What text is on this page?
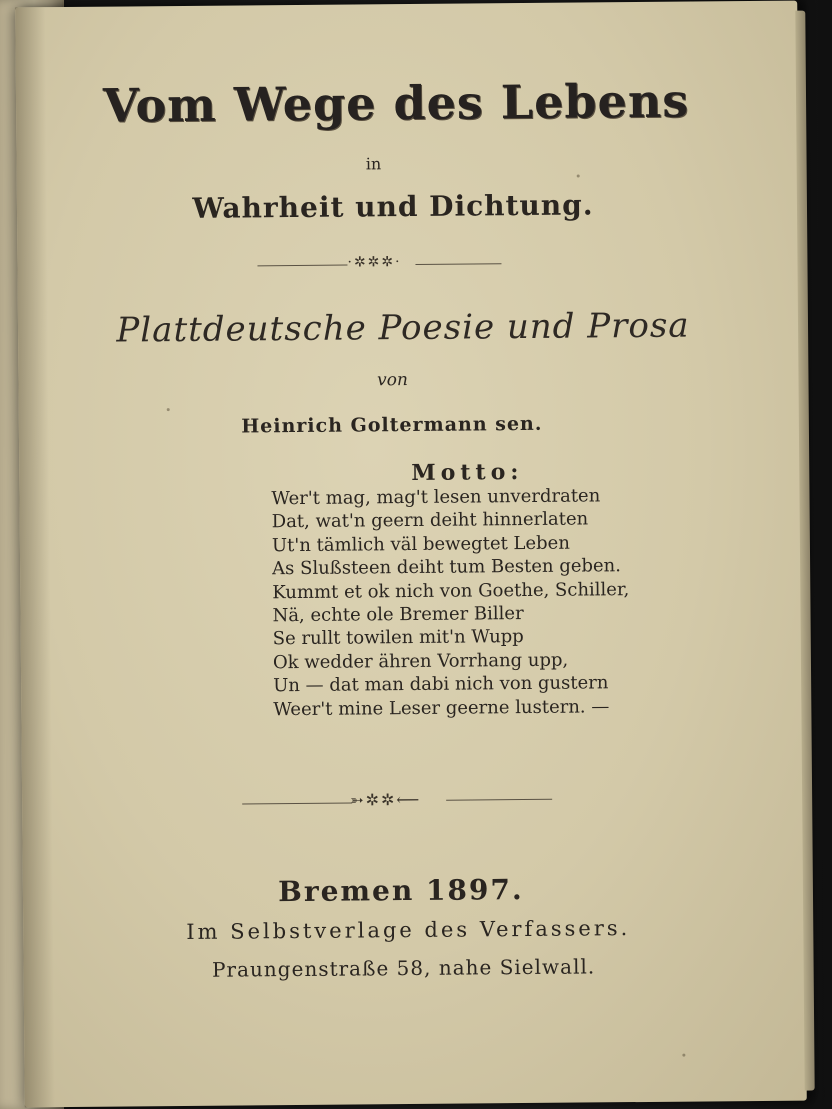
Vom Wege des Lebens
in
Wahrheit und Dichtung.
·✲✲✲·
Plattdeutsche Poesie und Prosa
von
Heinrich Goltermann sen.
Motto:
Wer't mag, mag't lesen unverdraten
Dat, wat'n geern deiht hinnerlaten
Ut'n tämlich väl bewegtet Leben
As Slußsteen deiht tum Besten geben.
Kummt et ok nich von Goethe, Schiller,
Nä, echte ole Bremer Biller
Se rullt towilen mit'n Wupp
Ok wedder ähren Vorrhang upp,
Un — dat man dabi nich von gustern
Weer't mine Leser geerne lustern. —
➳✲✲⟵
Bremen 1897.
Im Selbstverlage des Verfassers.
Praungenstraße 58, nahe Sielwall.
